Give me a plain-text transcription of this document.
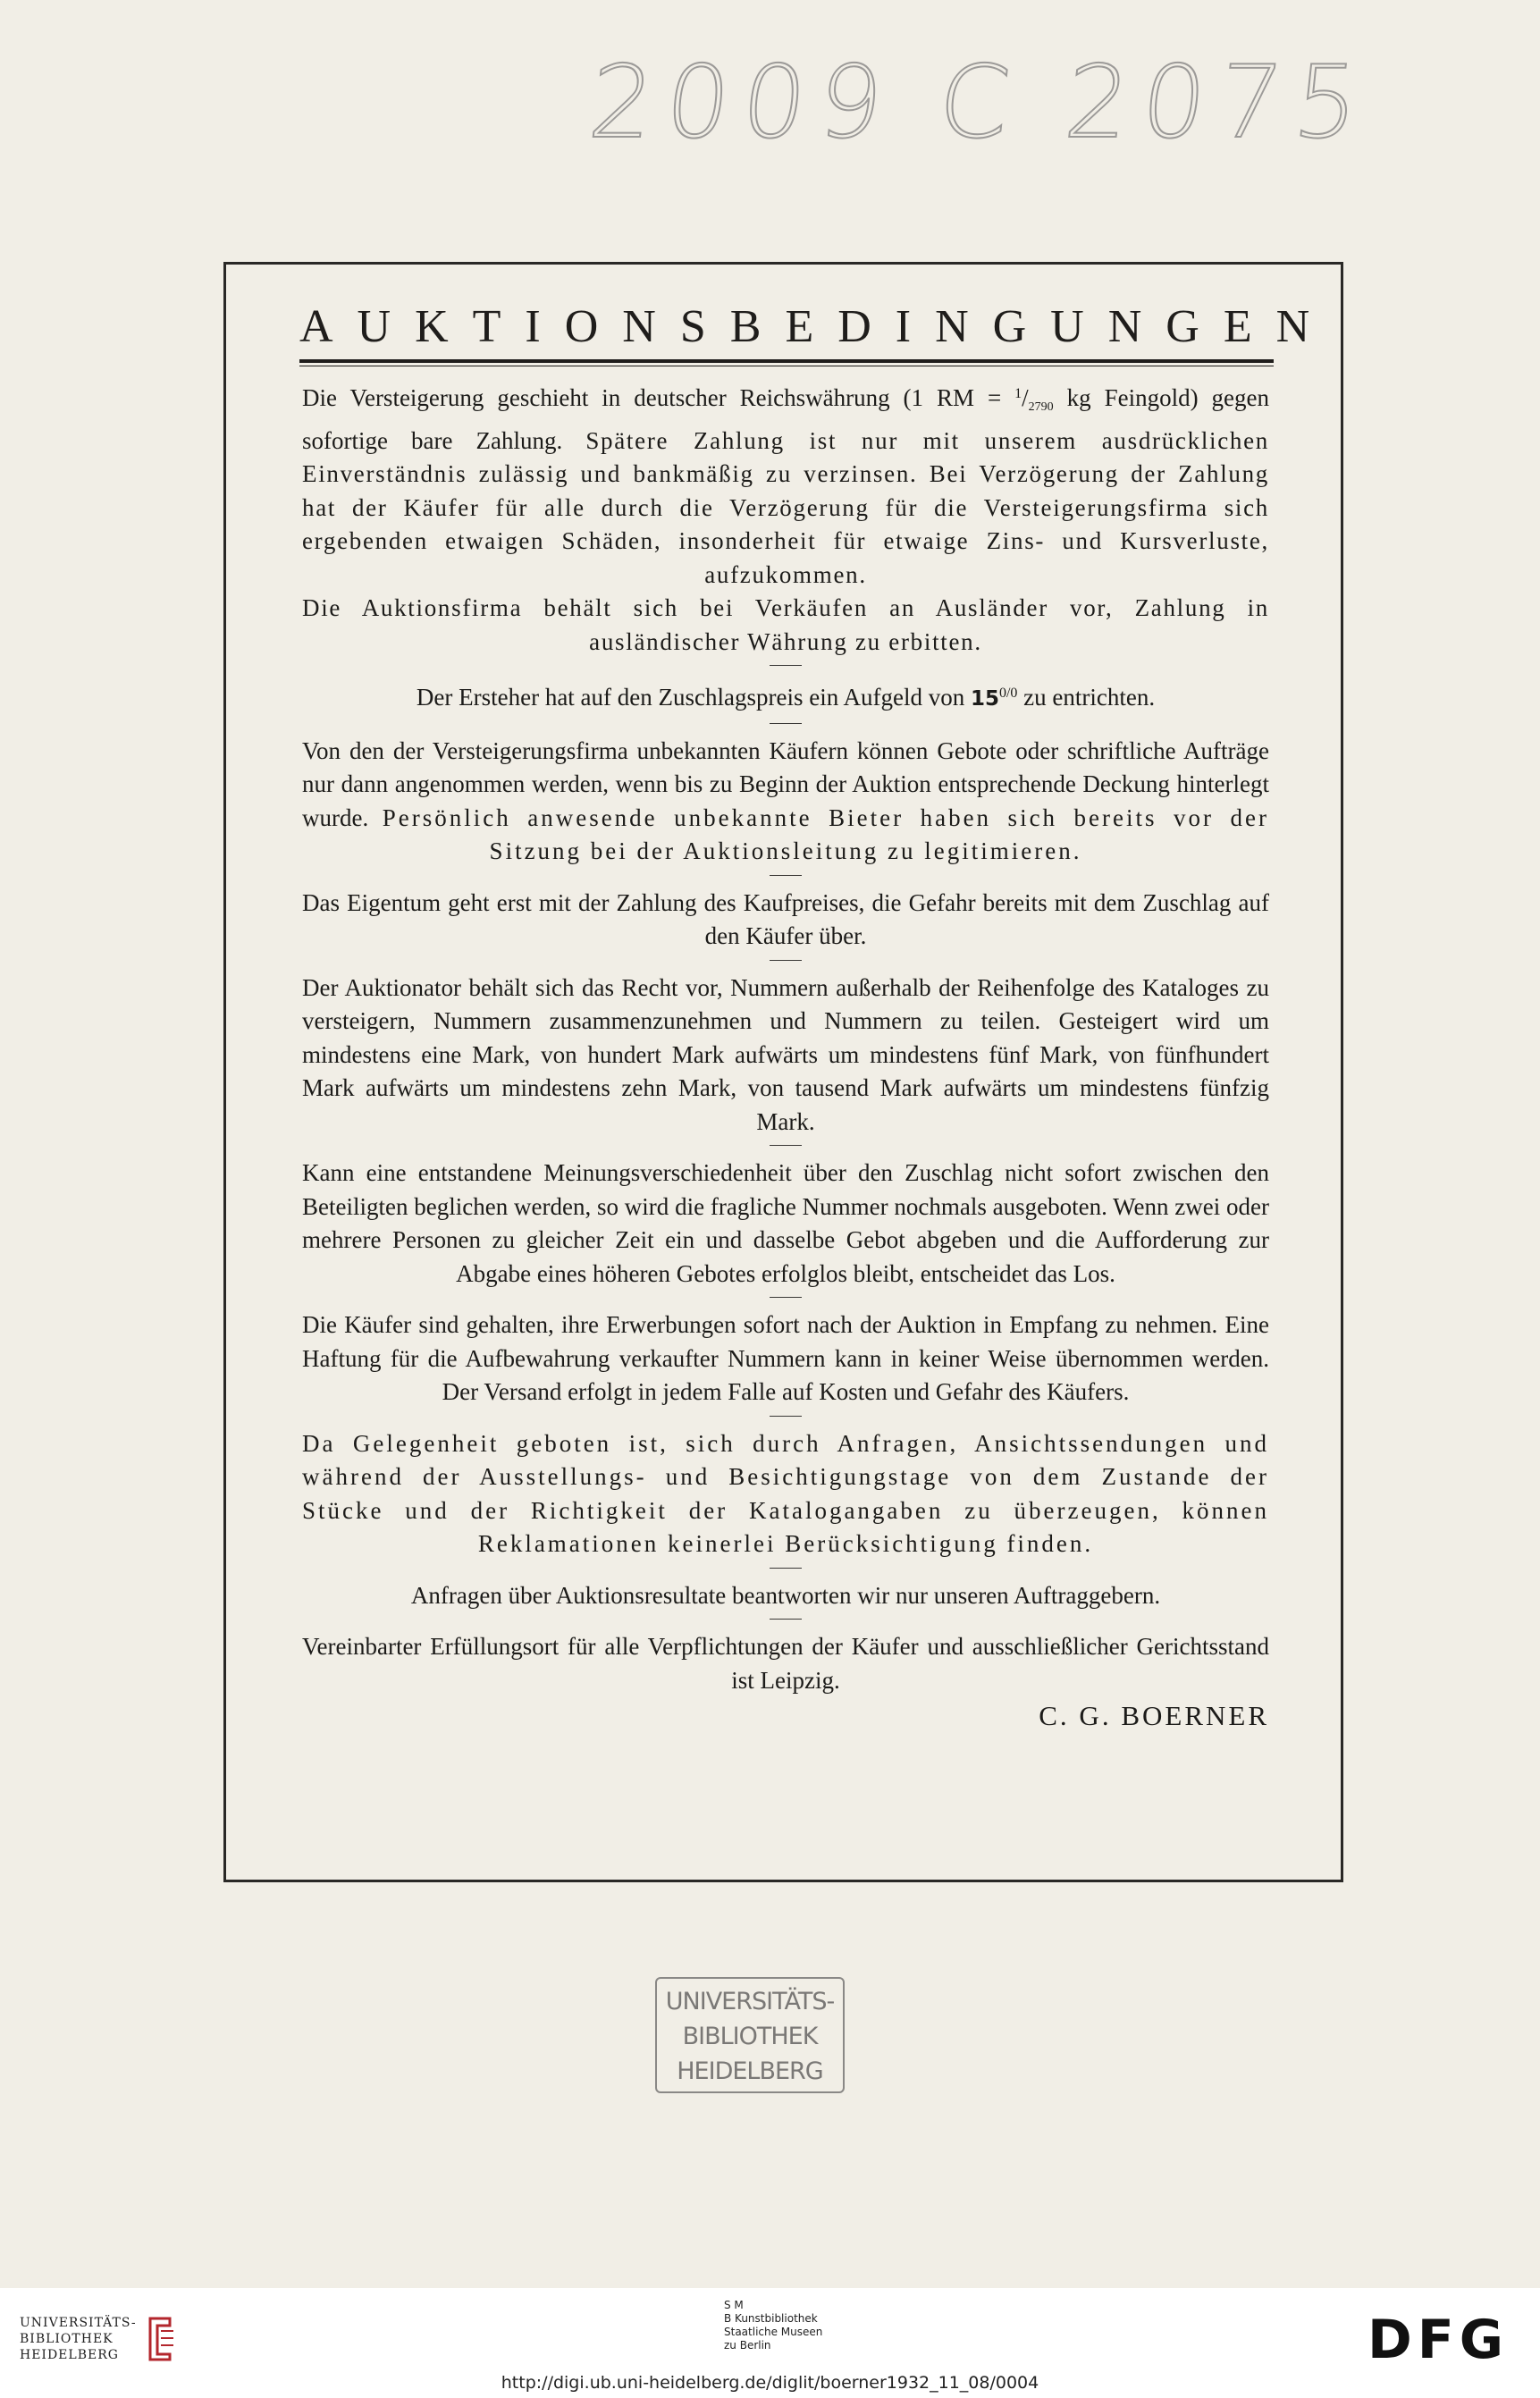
2009 C 2075
AUKTIONSBEDINGUNGEN

Die Versteigerung geschieht in deutscher Reichswährung (1 RM = $^1$/2790 kg Feingold) gegen sofortige bare Zahlung. Spätere Zahlung ist nur mit unserem ausdrücklichen Einverständnis zulässig und bankmäßig zu verzinsen. Bei Verzögerung der Zahlung hat der Käufer für alle durch die Verzögerung für die Versteigerungsfirma sich ergebenden etwaigen Schäden, insonderheit für etwaige Zins- und Kursverluste, aufzukommen.

Die Auktionsfirma behält sich bei Verkäufen an Ausländer vor, Zahlung in ausländischer Währung zu erbitten.

Der Ersteher hat auf den Zuschlagspreis ein Aufgeld von $15^{0/0}$ zu entrichten.

Von den der Versteigerungsfirma unbekannten Käufern können Gebote oder schriftliche Aufträge nur dann angenommen werden, wenn bis zu Beginn der Auktion entsprechende Deckung hinterlegt wurde. Persönlich anwesende unbekannte Bieter haben sich bereits vor der Sitzung bei der Auktionsleitung zu legitimieren.

Das Eigentum geht erst mit der Zahlung des Kaufpreises, die Gefahr bereits mit dem Zuschlag auf den Käufer über.

Der Auktionator behält sich das Recht vor, Nummern außerhalb der Reihenfolge des Kataloges zu versteigern, Nummern zusammenzunehmen und Nummern zu teilen. Gesteigert wird um mindestens eine Mark, von hundert Mark aufwärts um mindestens fünf Mark, von fünfhundert Mark aufwärts um mindestens zehn Mark, von tausend Mark aufwärts um mindestens fünfzig Mark.

Kann eine entstandene Meinungsverschiedenheit über den Zuschlag nicht sofort zwischen den Beteiligten beglichen werden, so wird die fragliche Nummer nochmals ausgeboten. Wenn zwei oder mehrere Personen zu gleicher Zeit ein und dasselbe Gebot abgeben und die Aufforderung zur Abgabe eines höheren Gebotes erfolglos bleibt, entscheidet das Los.

Die Käufer sind gehalten, ihre Erwerbungen sofort nach der Auktion in Empfang zu nehmen. Eine Haftung für die Aufbewahrung verkaufter Nummern kann in keiner Weise übernommen werden. Der Versand erfolgt in jedem Falle auf Kosten und Gefahr des Käufers.

Da Gelegenheit geboten ist, sich durch Anfragen, Ansichtssendungen und während der Ausstellungs- und Besichtigungstage von dem Zustande der Stücke und der Richtigkeit der Katalogangaben zu überzeugen, können Reklamationen keinerlei Berücksichtigung finden.

Anfragen über Auktionsresultate beantworten wir nur unseren Auftraggebern.

Vereinbarter Erfüllungsort für alle Verpflichtungen der Käufer und ausschließlicher Gerichtsstand ist Leipzig.

C. G. BOERNER
UNIVERSITÄTS-
BIBLIOTHEK
HEIDELBERG
UNIVERSITÄTS-
BIBLIOTHEK
HEIDELBERG
S M
B Kunstbibliothek
Staatliche Museen
zu Berlin	DFG
http://digi.ub.uni-heidelberg.de/diglit/boerner1932_11_08/0004
